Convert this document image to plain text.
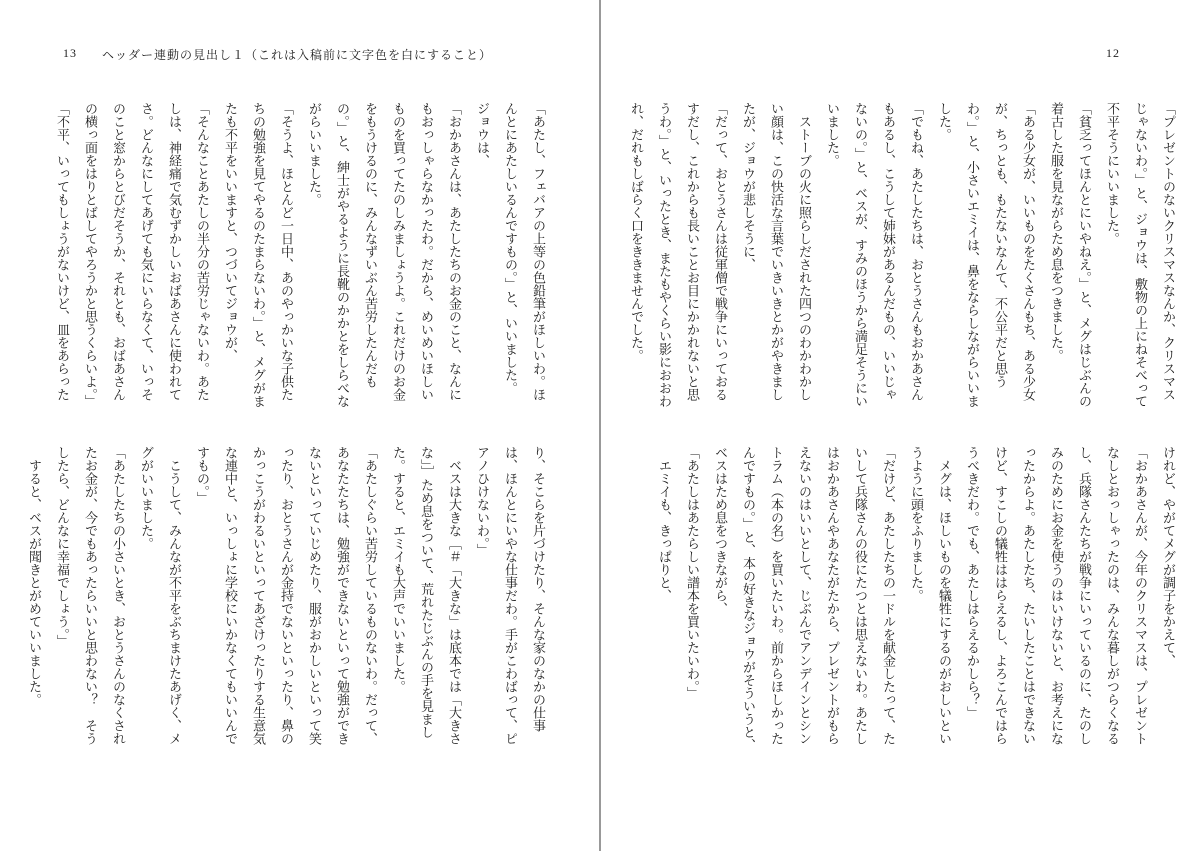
13 ヘッダー連動の見出し１（これは入稿前に文字色を白にすること）	12

「あたし、フェバアの上等の色鉛筆がほしいわ。ほんとにあたしいるんですもの。」と、いいました。

ジョウは、

「おかあさんは、あたしたちのお金のこと、なんにもおっしゃらなかったわ。だから、めいめいほしいものを買ってたのしみましょうよ。これだけのお金をもうけるのに、みんなずいぶん苦労したんだもの。」と、紳士がやるように長靴のかかとをしらべながらいいました。

「そうよ、ほとんど一日中、あのやっかいな子供たちの勉強を見てやるのたまらないわ。」と、メグがまたも不平をいいますと、つづいてジョウが、

「そんなことあたしの半分の苦労じゃないわ。あたしは、神経痛で気むずかしいおばあさんに使われてさ。どんなにしてあげても気にいらなくて、いっそのこと窓からとびだそうか、それとも、おばあさんの横っ面をはりとばしてやろうかと思うくらいよ。」

「不平、いってもしょうがないけど、皿をあらった

り、そこらを片づけたり、そんな家のなかの仕事は、ほんとにいやな仕事だわ。手がこわばって、ピアノひけないわ。」

　ベスは大きな［＃「大きな」は底本では「大きさな」］ため息をついて、荒れたじぶんの手を見ました。すると、エミイも大声でいいました。

「あたしぐらい苦労しているものないわ。だって、あなたたちは、勉強ができないといって勉強ができないといっていじめたり、服がおかしいといって笑ったり、おとうさんが金持でないといったり、鼻のかっこうがわるいといってあざけったりする生意気な連中と、いっしょに学校にいかなくてもいいんですもの。」

　こうして、みんなが不平をぶちまけたあげく、メグがいいました。

「あたしたちの小さいとき、おとうさんのなくされたお金が、今でもあったらいいと思わない？　そうしたら、どんなに幸福でしょう。」

　すると、ベスが聞きとがめていいました。

「プレゼントのないクリスマスなんか、クリスマスじゃないわ。」と、ジョウは、敷物の上にねそべって不平そうにいいました。

「貧乏ってほんとにいやねえ。」と、メグはじぶんの着古した服を見ながらため息をつきました。

「ある少女が、いいものをたくさんもち、ある少女が、ちっとも、もたないなんて、不公平だと思うわ。」と、小さいエミイは、鼻をならしながらいいました。

「でもね、あたしたちは、おとうさんもおかあさんもあるし、こうして姉妹があるんだもの、いいじゃないの。」と、ベスが、すみのほうから満足そうにいいました。

　ストーブの火に照らしだされた四つのわかわかしい顔は、この快活な言葉でいきいきとかがやきましたが、ジョウが悲しそうに、

「だって、おとうさんは従軍僧で戦争にいっておるすだし、これからも長いことお目にかかれないと思うわ。」と、いったとき、またもやくらい影におおわれ、だれもしばらく口をききませんでした。

けれど、やがてメグが調子をかえて、

「おかあさんが、今年のクリスマスは、プレゼントなしとおっしゃったのは、みんな暮しがつらくなるし、兵隊さんたちが戦争にいっているのに、たのしみのためにお金を使うのはいけないと、お考えになったからよ。あたしたち、たいしたことはできないけど、すこしの犠牲ははらえるし、よろこんではらうべきだわ。でも、あたしはらえるかしら？」

　メグは、ほしいものを犠牲にするのがおしいというように頭をふりました。

「だけど、あたしたちの一ドルを献金したって、たいして兵隊さんの役にたつとは思えないわ。あたしはおかあさんやあなたがたから、プレゼントがもらえないのはいいとして、じぶんでアンデインとシントラム（本の名）を買いたいわ。前からほしかったんですもの。」と、本の好きなジョウがそういうと、ベスはため息をつきながら、

「あたしはあたらしい譜本を買いたいわ。」

　エミイも、きっぱりと、
